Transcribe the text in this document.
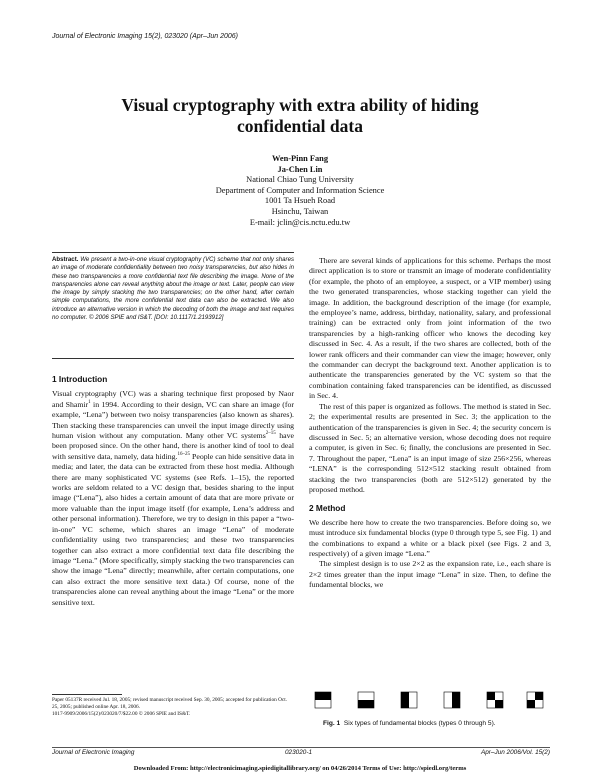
Journal of Electronic Imaging 15(2), 023020 (Apr–Jun 2006)
Visual cryptography with extra ability of hiding
confidential data
Wen-Pinn Fang
Ja-Chen Lin
National Chiao Tung University
Department of Computer and Information Science
1001 Ta Hsueh Road
Hsinchu, Taiwan
E-mail: jclin@cis.nctu.edu.tw
Abstract. We present a two-in-one visual cryptography (VC) scheme that not only shares an image of moderate confidentiality between two noisy transparencies, but also hides in these two transparencies a more confidential text file describing the image. None of the transparencies alone can reveal anything about the image or text. Later, people can view the image by simply stacking the two transparencies; on the other hand, after certain simple computations, the more confidential text data can also be extracted. We also introduce an alternative version in which the decoding of both the image and text requires no computer. © 2006 SPIE and IS&T. [DOI: 10.1117/1.2193912]
1 Introduction

Visual cryptography (VC) was a sharing technique first proposed by Naor and Shamir$^1$ in 1994. According to their design, VC can share an image (for example, “Lena”) between two noisy transparencies (also known as shares). Then stacking these transparencies can unveil the input image directly using human vision without any computation. Many other VC systems$^{2-15}$ have been proposed since. On the other hand, there is another kind of tool to deal with sensitive data, namely, data hiding.$^{16-25}$ People can hide sensitive data in media; and later, the data can be extracted from these host media. Although there are many sophisticated VC systems (see Refs. 1–15), the reported works are seldom related to a VC design that, besides sharing to the input image (“Lena”), also hides a certain amount of data that are more private or more valuable than the input image itself (for example, Lena’s address and other personal information). Therefore, we try to design in this paper a “two-in-one” VC scheme, which shares an image “Lena” of moderate confidentiality using two transparencies; and these two transparencies together can also extract a more confidential text data file describing the image “Lena.” (More specifically, simply stacking the two transparencies can show the image “Lena” directly; meanwhile, after certain computations, one can also extract the more sensitive text data.) Of course, none of the transparencies alone can reveal anything about the image “Lena” or the more sensitive text.

Paper 05137R received Jul. 18, 2005; revised manuscript received Sep. 30, 2005; accepted for publication Oct. 25, 2005; published online Apr. 18, 2006.
1017-9909/2006/15(2)/023020/7/$22.00 © 2006 SPIE and IS&T.

There are several kinds of applications for this scheme. Perhaps the most direct application is to store or transmit an image of moderate confidentiality (for example, the photo of an employee, a suspect, or a VIP member) using the two generated transparencies, whose stacking together can yield the image. In addition, the background description of the image (for example, the employee’s name, address, birthday, nationality, salary, and professional training) can be extracted only from joint information of the two transparencies by a high-ranking officer who knows the decoding key discussed in Sec. 4. As a result, if the two shares are collected, both of the lower rank officers and their commander can view the image; however, only the commander can decrypt the background text. Another application is to authenticate the transparencies generated by the VC system so that the combination containing faked transparencies can be identified, as discussed in Sec. 4.

The rest of this paper is organized as follows. The method is stated in Sec. 2; the experimental results are presented in Sec. 3; the application to the authentication of the transparencies is given in Sec. 4; the security concern is discussed in Sec. 5; an alternative version, whose decoding does not require a computer, is given in Sec. 6; finally, the conclusions are presented in Sec. 7. Throughout the paper, “Lena” is an input image of size 256×256, whereas “LENA” is the corresponding 512×512 stacking result obtained from stacking the two transparencies (both are 512×512) generated by the proposed method.

2 Method

We describe here how to create the two transparencies. Before doing so, we must introduce six fundamental blocks (type 0 through type 5, see Fig. 1) and the combinations to expand a white or a black pixel (see Figs. 2 and 3, respectively) of a given image “Lena.”

The simplest design is to use 2×2 as the expansion rate, i.e., each share is 2×2 times greater than the input image “Lena” in size. Then, to define the fundamental blocks, we

Fig. 1 Six types of fundamental blocks (types 0 through 5).
Journal of Electronic Imaging	023020-1	Apr–Jun 2006/Vol. 15(2)
Downloaded From: http://electronicimaging.spiedigitallibrary.org/ on 04/26/2014 Terms of Use: http://spiedl.org/terms
